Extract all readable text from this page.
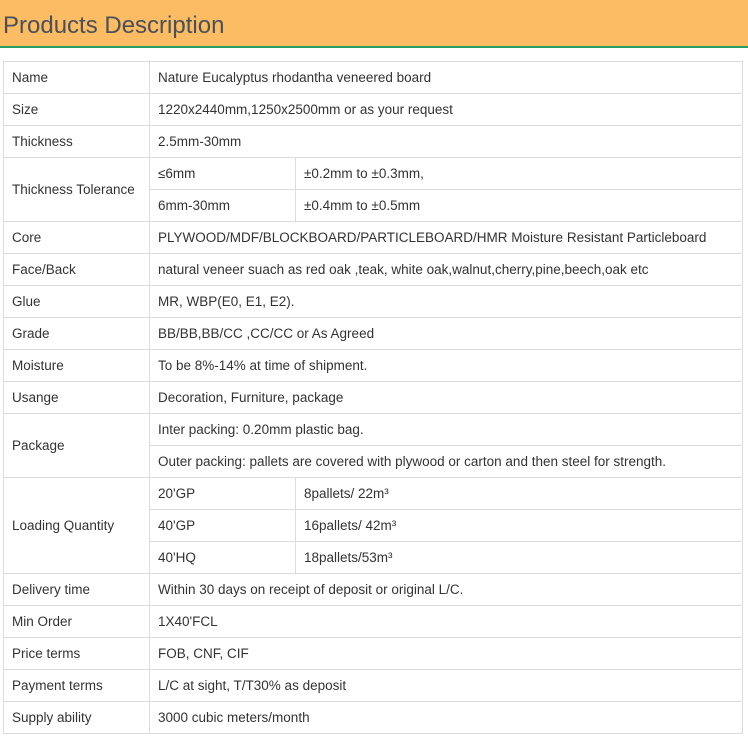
Products Description
Name	Nature Eucalyptus rhodantha veneered board	
Size	1220x2440mm,1250x2500mm or as your request	
Thickness	2.5mm-30mm	
Thickness Tolerance	≤6mm	±0.2mm to ±0.3mm,
	6mm-30mm	±0.4mm to ±0.5mm
Core	PLYWOOD/MDF/BLOCKBOARD/PARTICLEBOARD/HMR Moisture Resistant Particleboard	
Face/Back	natural veneer suach as red oak ,teak, white oak,walnut,cherry,pine,beech,oak etc	
Glue	MR, WBP(E0, E1, E2).	
Grade	BB/BB,BB/CC ,CC/CC or As Agreed	
Moisture	To be 8%-14% at time of shipment.	
Usange	Decoration, Furniture, package	
Package	Inter packing: 0.20mm plastic bag.	
	Outer packing: pallets are covered with plywood or carton and then steel for strength.	
Loading Quantity	20'GP	8pallets/ 22m³
	40'GP	16pallets/ 42m³
	40'HQ	18pallets/53m³
Delivery time	Within 30 days on receipt of deposit or original L/C.	
Min Order	1X40'FCL	
Price terms	FOB, CNF, CIF	
Payment terms	L/C at sight, T/T30% as deposit	
Supply ability	3000 cubic meters/month	
